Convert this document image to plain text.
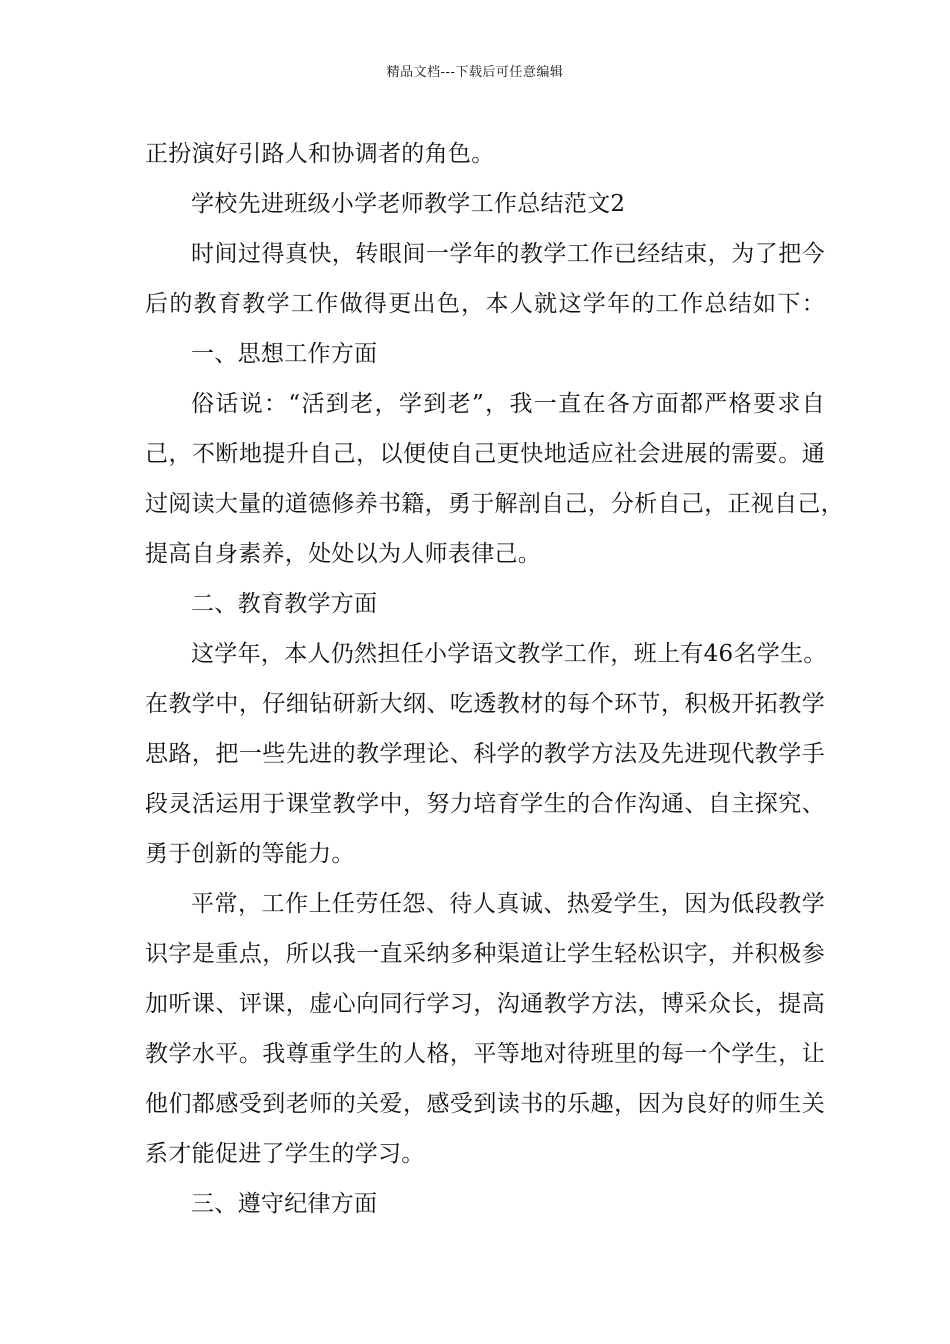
精品文档---下载后可任意编辑
正扮演好引路人和协调者的角色。
学校先进班级小学老师教学工作总结范文2
时间过得真快，转眼间一学年的教学工作已经结束，为了把今
后的教育教学工作做得更出色，本人就这学年的工作总结如下：
一、思想工作方面
俗话说：“活到老，学到老”，我一直在各方面都严格要求自
己，不断地提升自己，以便使自己更快地适应社会进展的需要。通
过阅读大量的道德修养书籍，勇于解剖自己，分析自己，正视自己，
提高自身素养，处处以为人师表律己。
二、教育教学方面
这学年，本人仍然担任小学语文教学工作，班上有46名学生。
在教学中，仔细钻研新大纲、吃透教材的每个环节，积极开拓教学
思路，把一些先进的教学理论、科学的教学方法及先进现代教学手
段灵活运用于课堂教学中，努力培育学生的合作沟通、自主探究、
勇于创新的等能力。
平常，工作上任劳任怨、待人真诚、热爱学生，因为低段教学
识字是重点，所以我一直采纳多种渠道让学生轻松识字，并积极参
加听课、评课，虚心向同行学习，沟通教学方法，博采众长，提高
教学水平。我尊重学生的人格，平等地对待班里的每一个学生，让
他们都感受到老师的关爱，感受到读书的乐趣，因为良好的师生关
系才能促进了学生的学习。
三、遵守纪律方面
